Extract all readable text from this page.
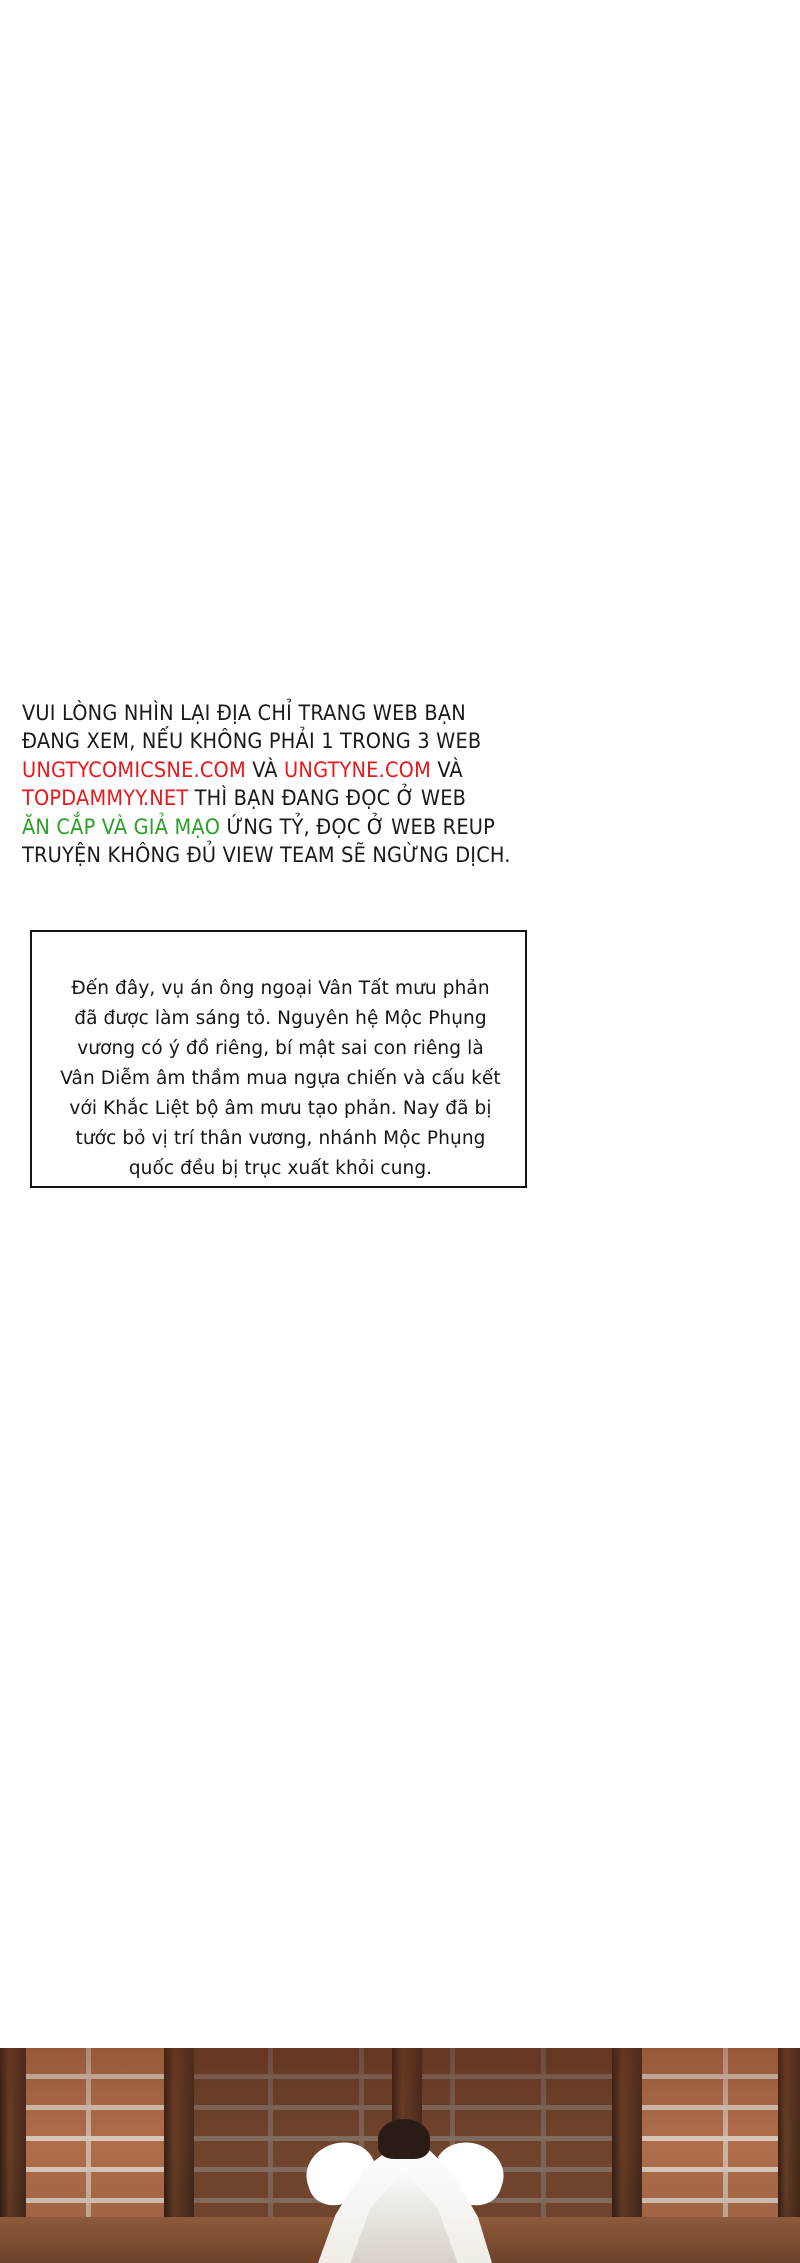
VUI LÒNG NHÌN LẠI ĐỊA CHỈ TRANG WEB BẠN
ĐANG XEM, NẾU KHÔNG PHẢI 1 TRONG 3 WEB
UNGTYCOMICSNE.COM VÀ UNGTYNE.COM VÀ
TOPDAMMYY.NET THÌ BẠN ĐANG ĐỌC Ở WEB
ĂN CẮP VÀ GIẢ MẠO ỨNG TỶ, ĐỌC Ở WEB REUP
TRUYỆN KHÔNG ĐỦ VIEW TEAM SẼ NGỪNG DỊCH.
Đến đây, vụ án ông ngoại Vân Tất mưu phản đã được làm sáng tỏ. Nguyên hệ Mộc Phụng vương có ý đồ riêng, bí mật sai con riêng là Vân Diễm âm thầm mua ngựa chiến và cấu kết với Khắc Liệt bộ âm mưu tạo phản. Nay đã bị tước bỏ vị trí thân vương, nhánh Mộc Phụng quốc đều bị trục xuất khỏi cung.
